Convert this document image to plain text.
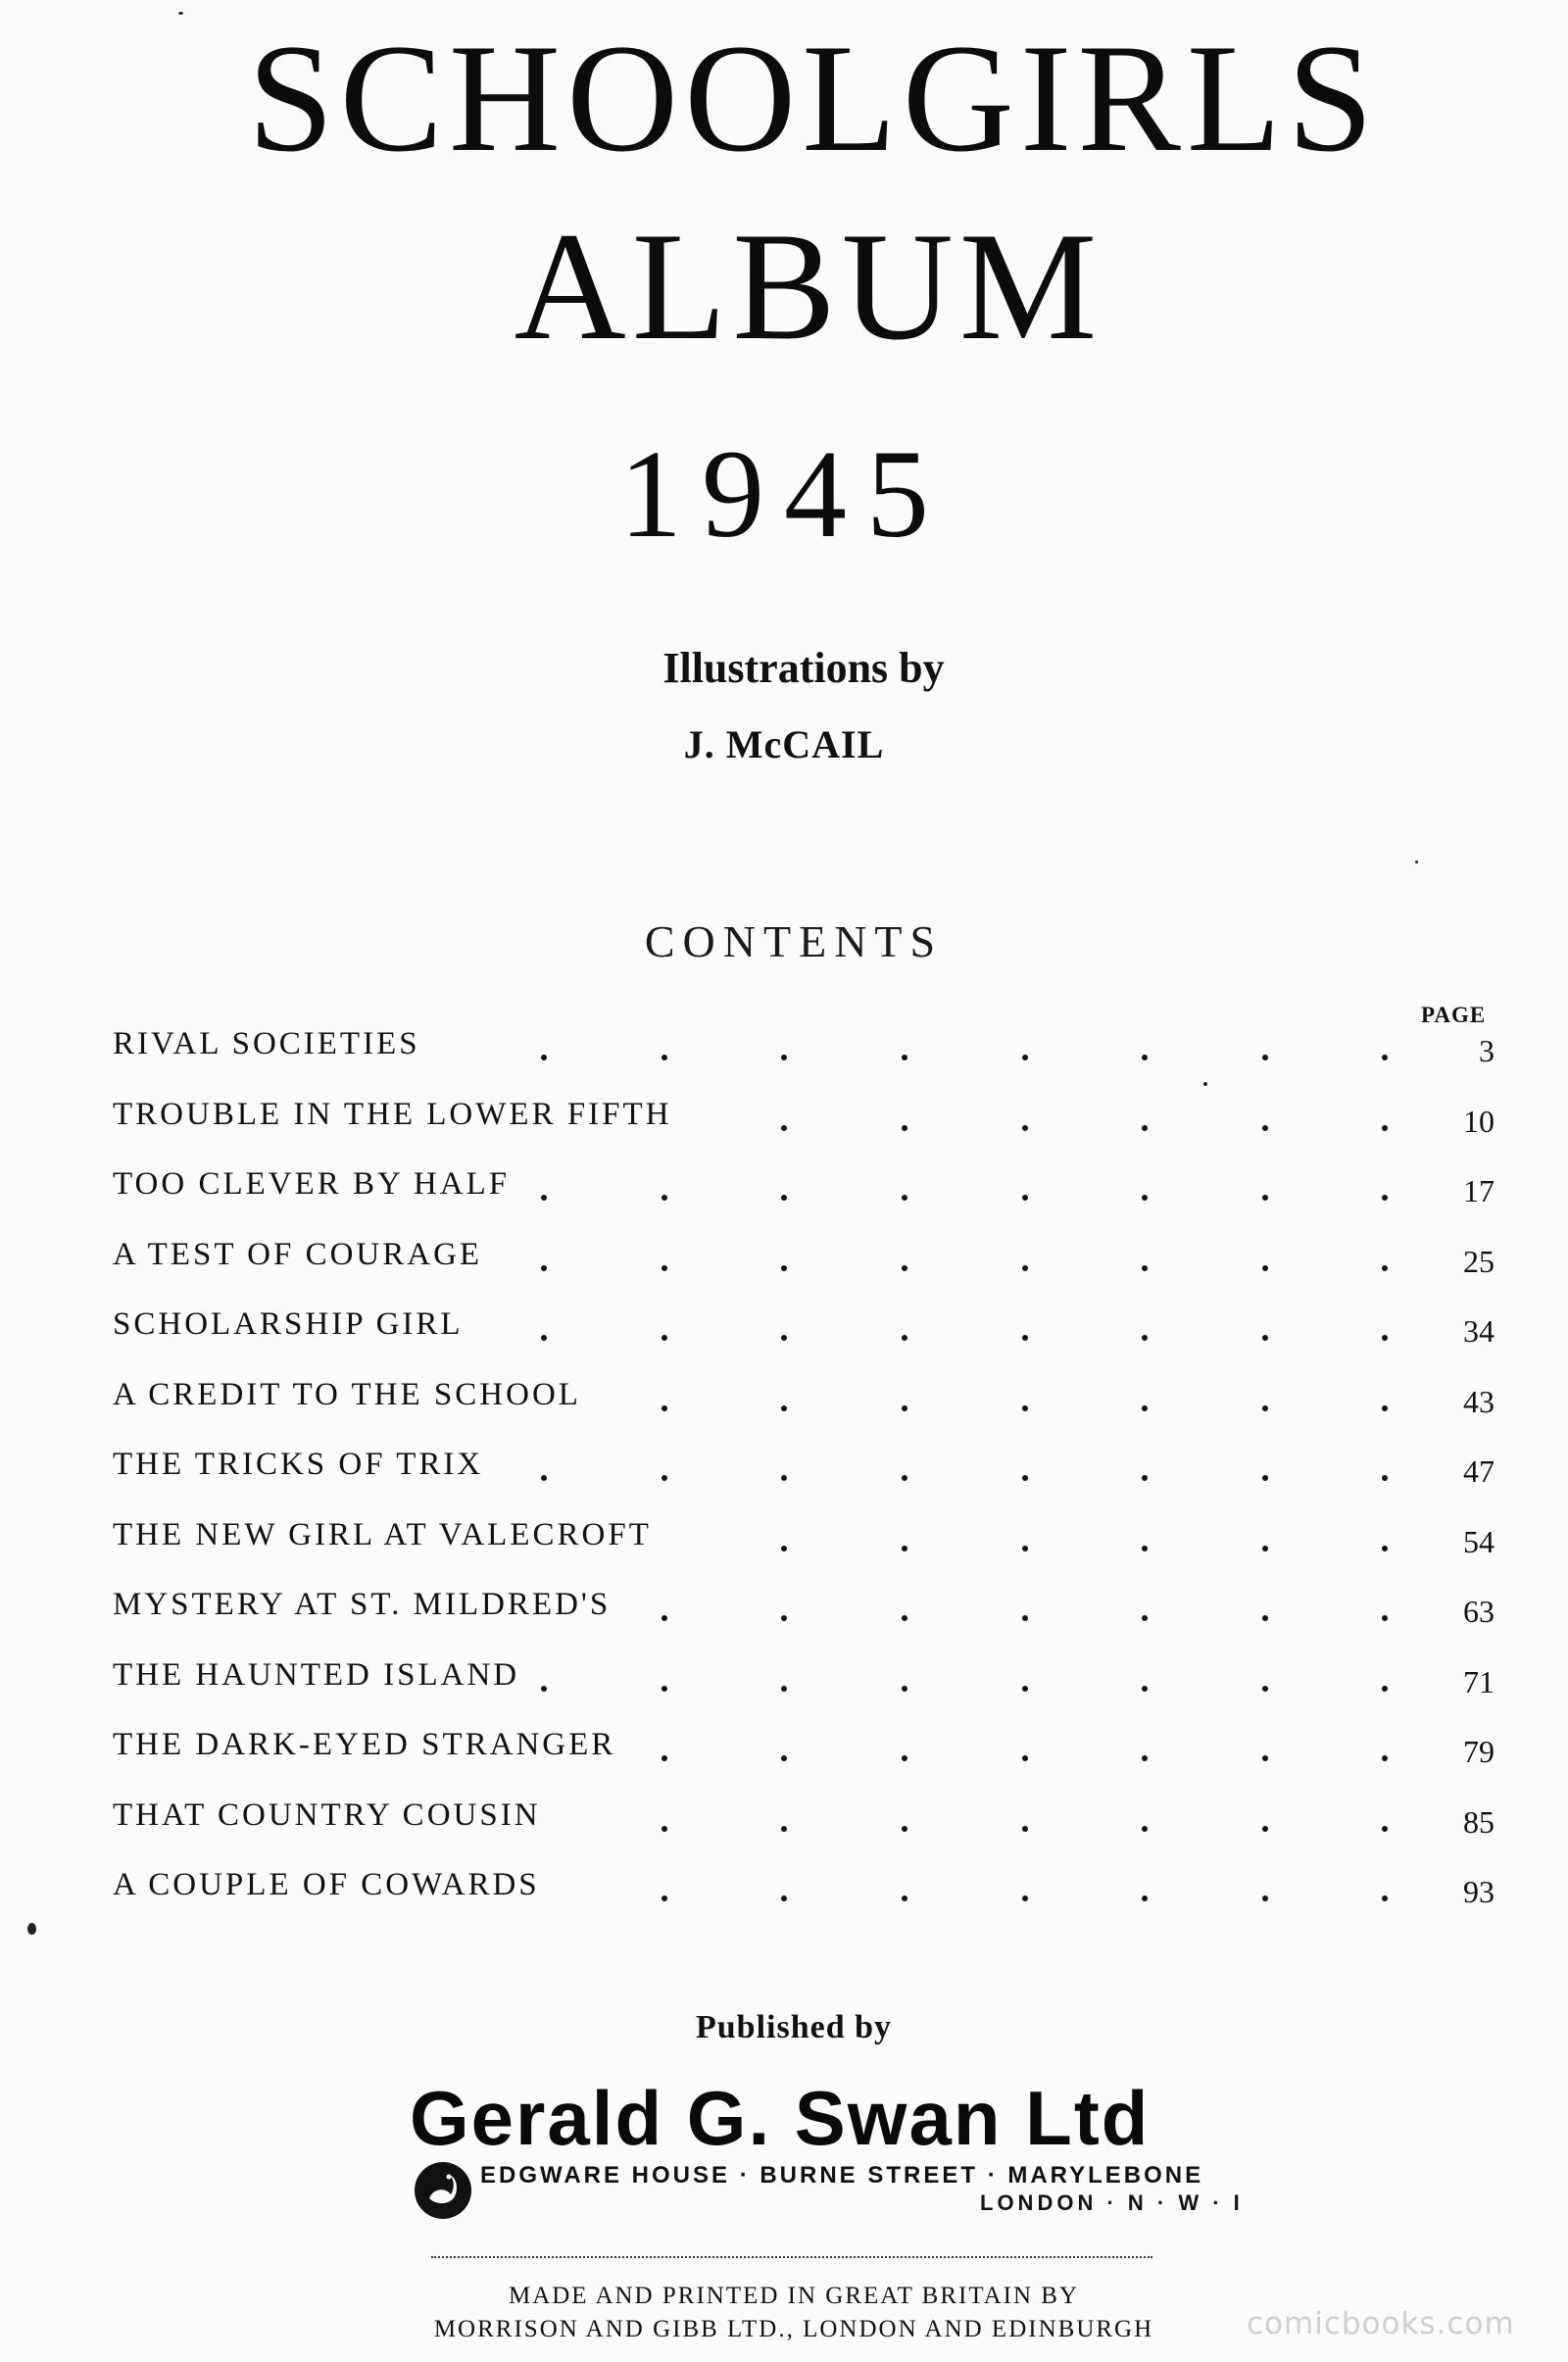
SCHOOLGIRLS
ALBUM
1945
Illustrations by
J. McCAIL
CONTENTS
PAGE
RIVAL SOCIETIES	3
TROUBLE IN THE LOWER FIFTH	10
TOO CLEVER BY HALF	17
A TEST OF COURAGE	25
SCHOLARSHIP GIRL	34
A CREDIT TO THE SCHOOL	43
THE TRICKS OF TRIX	47
THE NEW GIRL AT VALECROFT	54
MYSTERY AT ST. MILDRED'S	63
THE HAUNTED ISLAND	71
THE DARK-EYED STRANGER	79
THAT COUNTRY COUSIN	85
A COUPLE OF COWARDS	93
Published by
Gerald G. Swan Ltd
EDGWARE HOUSE · BURNE STREET · MARYLEBONE
LONDON · N · W · I
MADE AND PRINTED IN GREAT BRITAIN BY
MORRISON AND GIBB LTD., LONDON AND EDINBURGH	comicbooks.com
